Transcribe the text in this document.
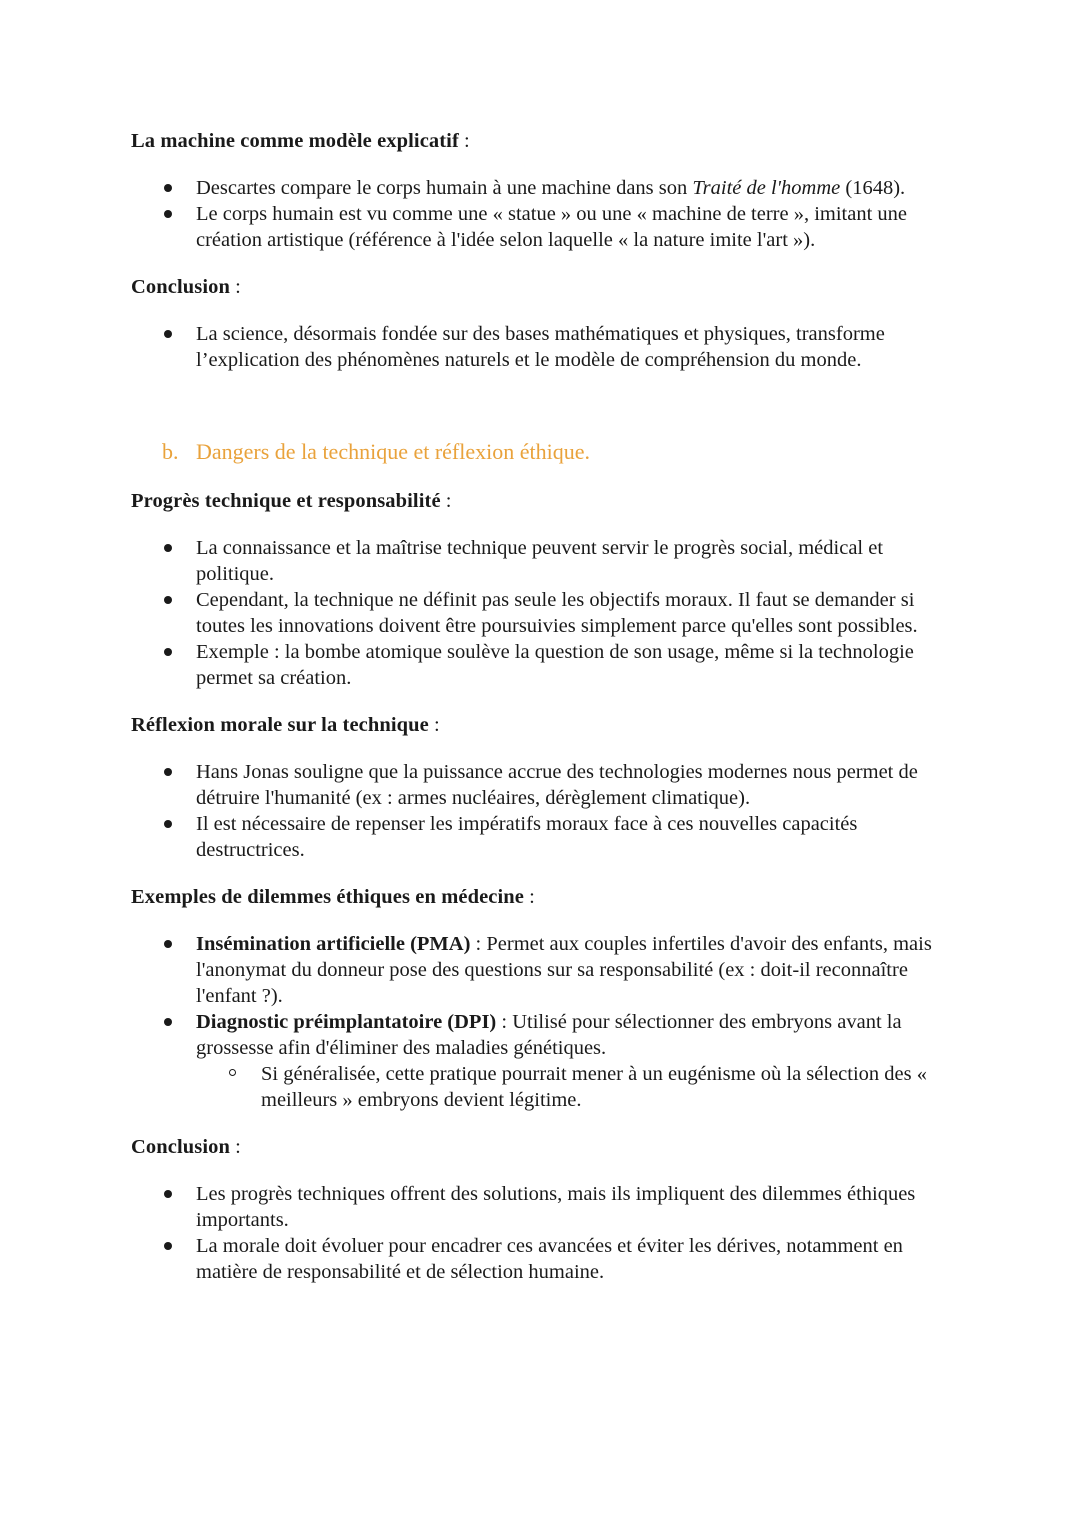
La machine comme modèle explicatif :

Descartes compare le corps humain à une machine dans son Traité de l'homme (1648).
Le corps humain est vu comme une « statue » ou une « machine de terre », imitant une création artistique (référence à l'idée selon laquelle « la nature imite l'art »).

Conclusion :

La science, désormais fondée sur des bases mathématiques et physiques, transforme l’explication des phénomènes naturels et le modèle de compréhension du monde.

b. Dangers de la technique et réflexion éthique.

Progrès technique et responsabilité :

La connaissance et la maîtrise technique peuvent servir le progrès social, médical et politique.
Cependant, la technique ne définit pas seule les objectifs moraux. Il faut se demander si toutes les innovations doivent être poursuivies simplement parce qu'elles sont possibles.
Exemple : la bombe atomique soulève la question de son usage, même si la technologie permet sa création.

Réflexion morale sur la technique :

Hans Jonas souligne que la puissance accrue des technologies modernes nous permet de détruire l'humanité (ex : armes nucléaires, dérèglement climatique).
Il est nécessaire de repenser les impératifs moraux face à ces nouvelles capacités destructrices.

Exemples de dilemmes éthiques en médecine :

Insémination artificielle (PMA) : Permet aux couples infertiles d'avoir des enfants, mais l'anonymat du donneur pose des questions sur sa responsabilité (ex : doit-il reconnaître l'enfant ?).
Diagnostic préimplantatoire (DPI) : Utilisé pour sélectionner des embryons avant la grossesse afin d'éliminer des maladies génétiques.
Si généralisée, cette pratique pourrait mener à un eugénisme où la sélection des « meilleurs » embryons devient légitime.

Conclusion :

Les progrès techniques offrent des solutions, mais ils impliquent des dilemmes éthiques importants.
La morale doit évoluer pour encadrer ces avancées et éviter les dérives, notamment en matière de responsabilité et de sélection humaine.
